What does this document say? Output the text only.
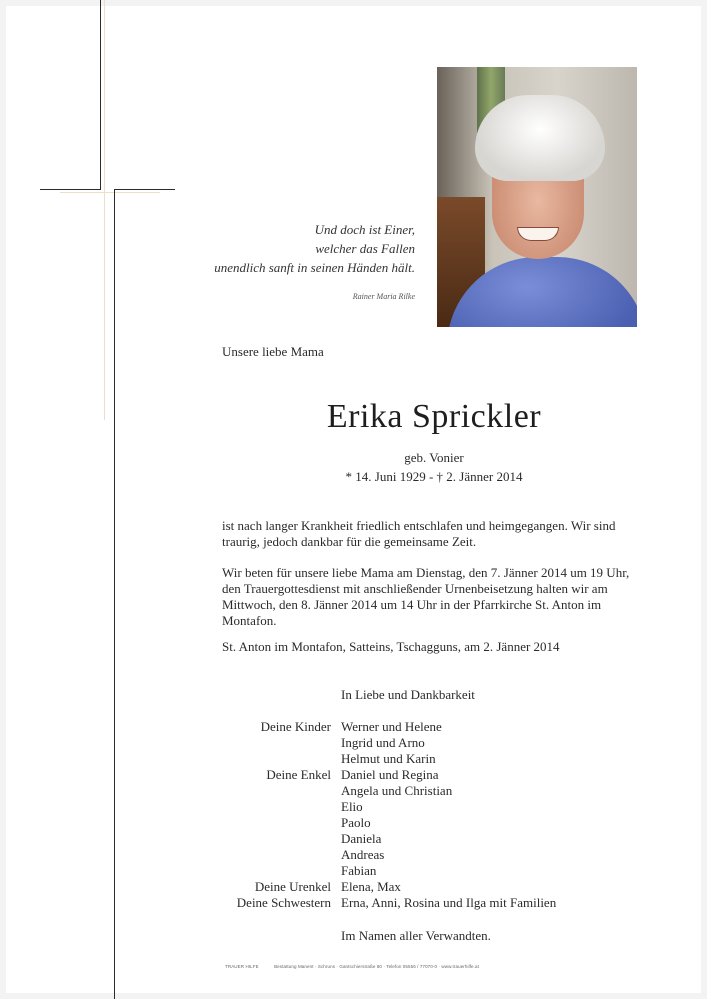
Und doch ist Einer,
welcher das Fallen
unendlich sanft in seinen Händen hält.
Rainer Maria Rilke
Unsere liebe Mama
Erika Sprickler
geb. Vonier
* 14. Juni 1929 - † 2. Jänner 2014
ist nach langer Krankheit friedlich entschlafen und heimgegangen. Wir sind traurig, jedoch dankbar für die gemeinsame Zeit.
Wir beten für unsere liebe Mama am Dienstag, den 7. Jänner 2014 um 19 Uhr, den Trauergottesdienst mit anschließender Urnenbeisetzung halten wir am Mittwoch, den 8. Jänner 2014 um 14 Uhr in der Pfarrkirche St. Anton im Montafon.
St. Anton im Montafon, Satteins, Tschagguns, am 2. Jänner 2014
In Liebe und Dankbarkeit
Deine Kinder
Deine Enkel
Deine Urenkel
Deine Schwestern
Werner und Helene
Ingrid und Arno
Helmut und Karin
Daniel und Regina
Angela und Christian
Elio
Paolo
Daniela
Andreas
Fabian
Elena, Max
Erna, Anni, Rosina und Ilga mit Familien
Im Namen aller Verwandten.
TRAUER HILFE	Bestattung Manent · Schruns · Gantschierstraße 80 · Telefon 05556 / 77070-0 · www.trauerhilfe.at
